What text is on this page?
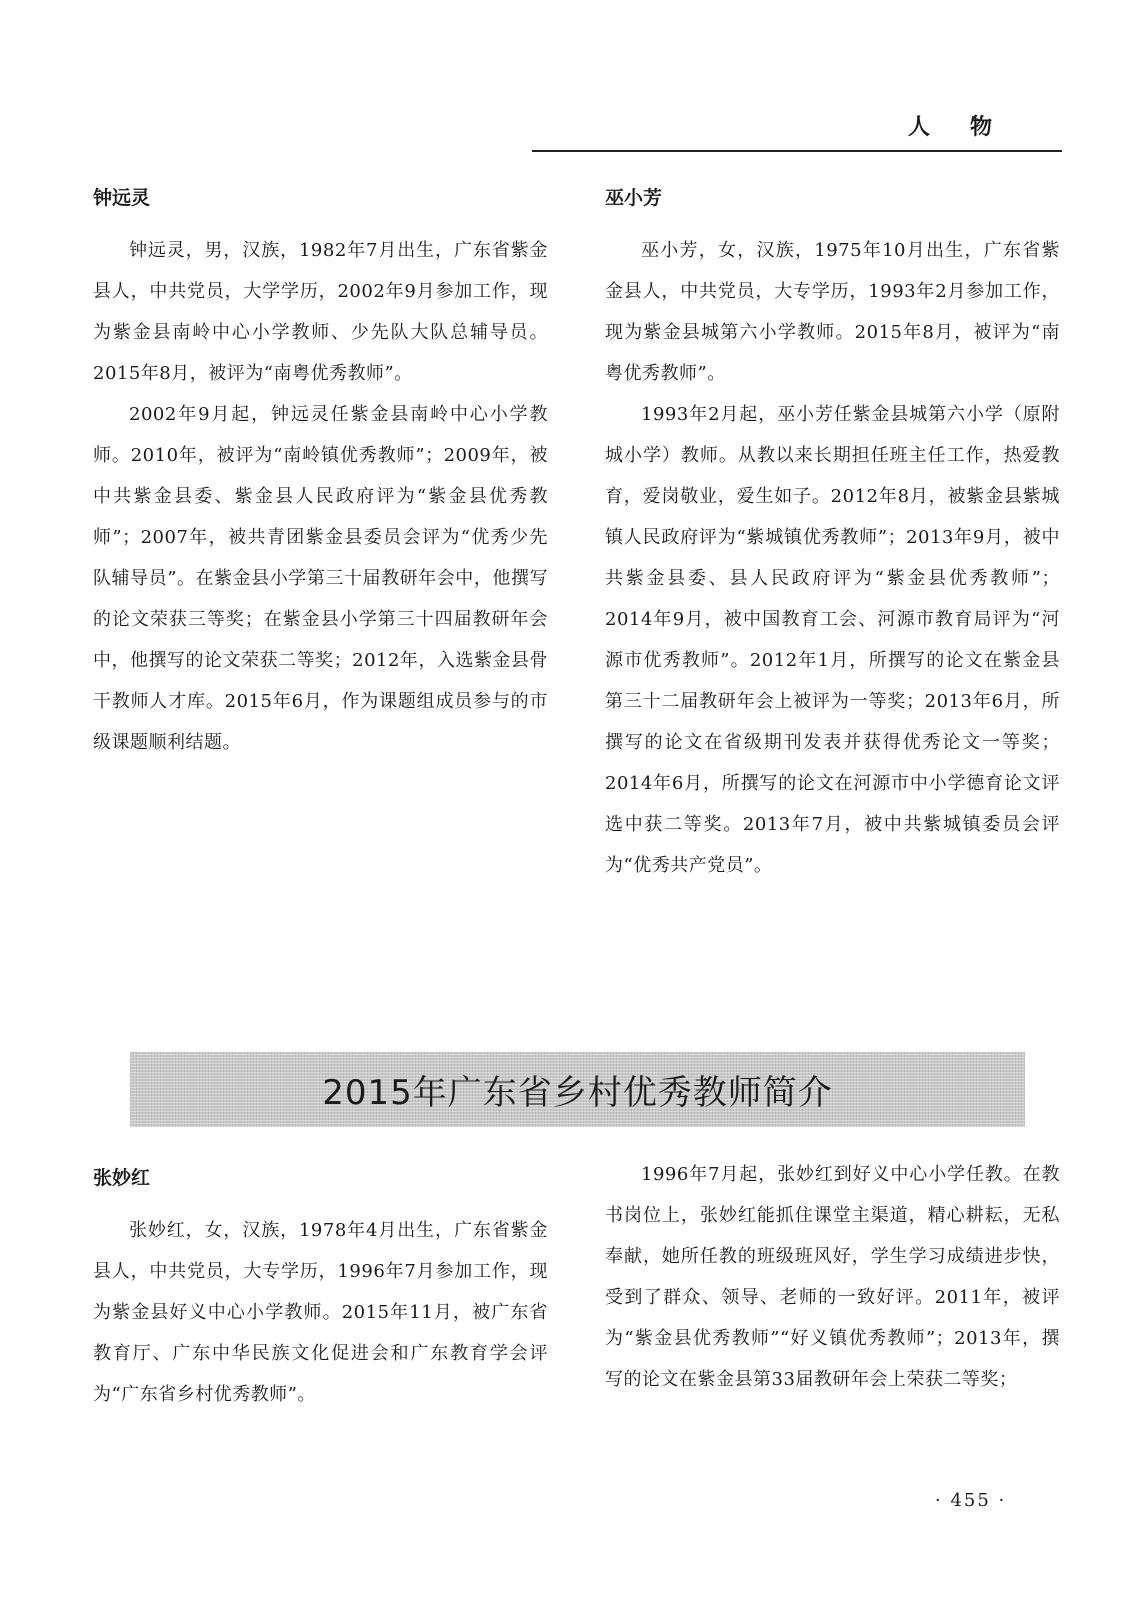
人物
钟远灵

钟远灵，男，汉族，1982年7月出生，广东省紫金县人，中共党员，大学学历，2002年9月参加工作，现为紫金县南岭中心小学教师、少先队大队总辅导员。2015年8月，被评为“南粤优秀教师”。

2002年9月起，钟远灵任紫金县南岭中心小学教师。2010年，被评为“南岭镇优秀教师”；2009年，被中共紫金县委、紫金县人民政府评为“紫金县优秀教师”；2007年，被共青团紫金县委员会评为“优秀少先队辅导员”。在紫金县小学第三十届教研年会中，他撰写的论文荣获三等奖；在紫金县小学第三十四届教研年会中，他撰写的论文荣获二等奖；2012年，入选紫金县骨干教师人才库。2015年6月，作为课题组成员参与的市级课题顺利结题。

巫小芳

巫小芳，女，汉族，1975年10月出生，广东省紫金县人，中共党员，大专学历，1993年2月参加工作，现为紫金县城第六小学教师。2015年8月，被评为“南粤优秀教师”。

1993年2月起，巫小芳任紫金县城第六小学（原附城小学）教师。从教以来长期担任班主任工作，热爱教育，爱岗敬业，爱生如子。2012年8月，被紫金县紫城镇人民政府评为“紫城镇优秀教师”；2013年9月，被中共紫金县委、县人民政府评为“紫金县优秀教师”；2014年9月，被中国教育工会、河源市教育局评为“河源市优秀教师”。2012年1月，所撰写的论文在紫金县第三十二届教研年会上被评为一等奖；2013年6月，所撰写的论文在省级期刊发表并获得优秀论文一等奖；2014年6月，所撰写的论文在河源市中小学德育论文评选中获二等奖。2013年7月，被中共紫城镇委员会评为“优秀共产党员”。

2015年广东省乡村优秀教师简介
张妙红

张妙红，女，汉族，1978年4月出生，广东省紫金县人，中共党员，大专学历，1996年7月参加工作，现为紫金县好义中心小学教师。2015年11月，被广东省教育厅、广东中华民族文化促进会和广东教育学会评为“广东省乡村优秀教师”。

1996年7月起，张妙红到好义中心小学任教。在教书岗位上，张妙红能抓住课堂主渠道，精心耕耘，无私奉献，她所任教的班级班风好，学生学习成绩进步快，受到了群众、领导、老师的一致好评。2011年，被评为“紫金县优秀教师”“好义镇优秀教师”；2013年，撰写的论文在紫金县第33届教研年会上荣获二等奖；

· 455 ·
